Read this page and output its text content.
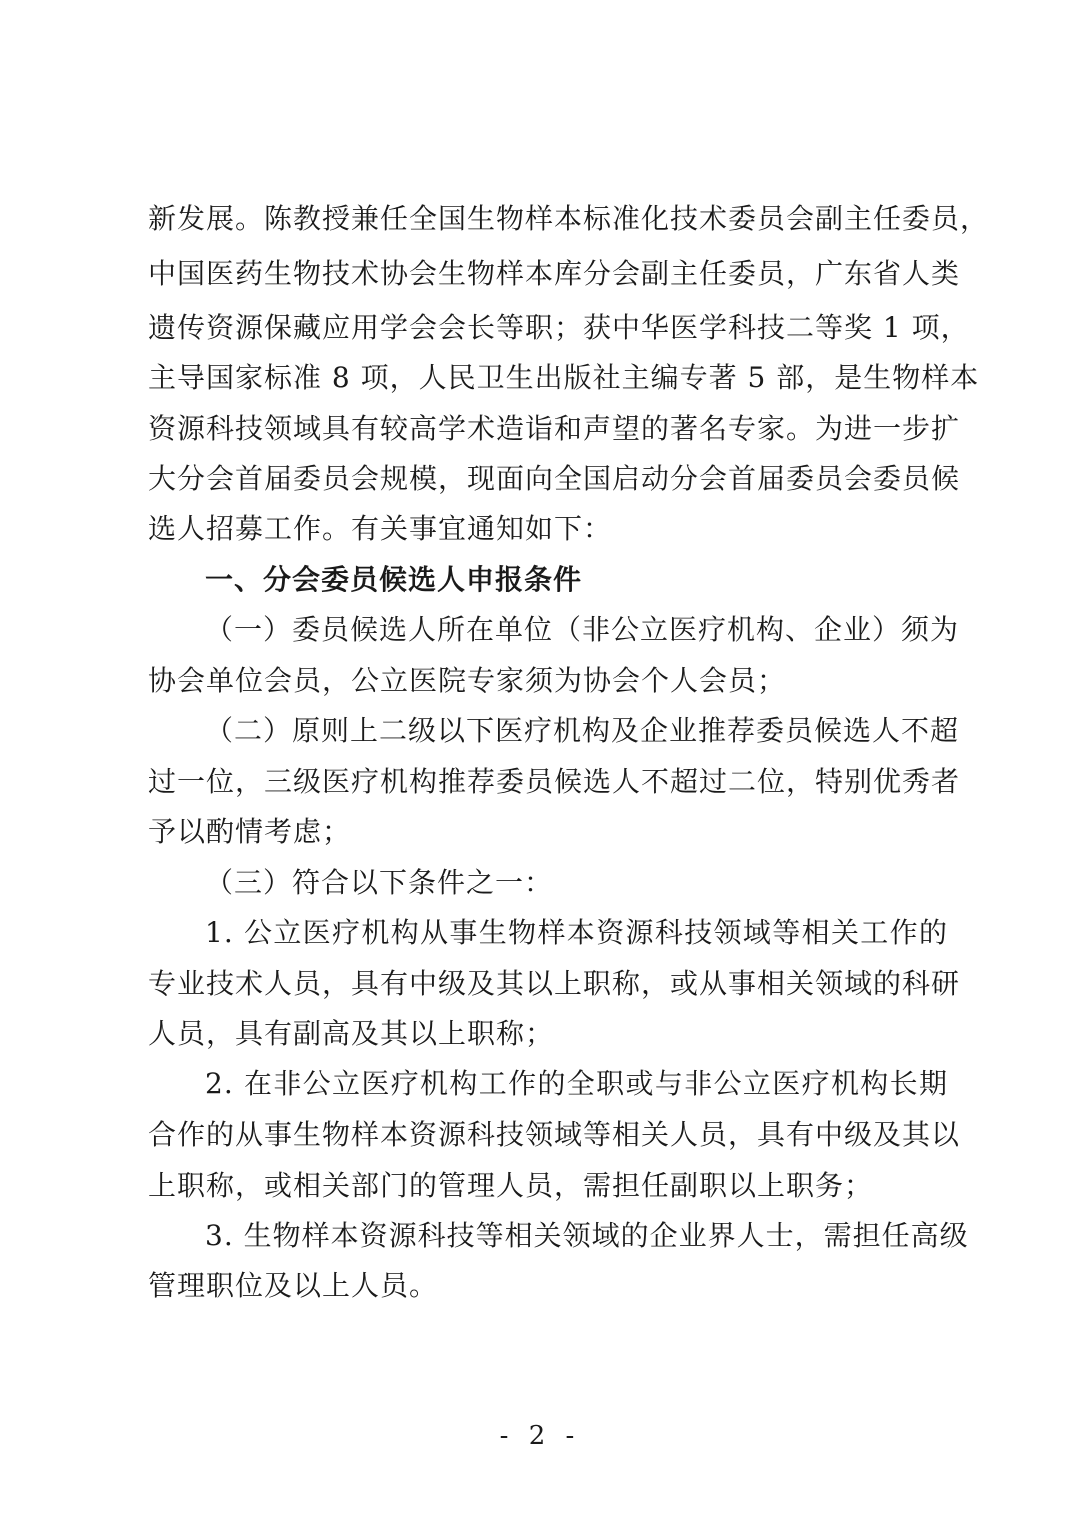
新发展。陈教授兼任全国生物样本标准化技术委员会副主任委员，
中国医药生物技术协会生物样本库分会副主任委员，广东省人类
遗传资源保藏应用学会会长等职；获中华医学科技二等奖 1 项，
主导国家标准 8 项，人民卫生出版社主编专著 5 部，是生物样本
资源科技领域具有较高学术造诣和声望的著名专家。为进一步扩
大分会首届委员会规模，现面向全国启动分会首届委员会委员候
选人招募工作。有关事宜通知如下：
一、分会委员候选人申报条件
（一）委员候选人所在单位（非公立医疗机构、企业）须为
协会单位会员，公立医院专家须为协会个人会员；
（二）原则上二级以下医疗机构及企业推荐委员候选人不超
过一位，三级医疗机构推荐委员候选人不超过二位，特别优秀者
予以酌情考虑；
（三）符合以下条件之一：
1. 公立医疗机构从事生物样本资源科技领域等相关工作的
专业技术人员，具有中级及其以上职称，或从事相关领域的科研
人员，具有副高及其以上职称；
2. 在非公立医疗机构工作的全职或与非公立医疗机构长期
合作的从事生物样本资源科技领域等相关人员，具有中级及其以
上职称，或相关部门的管理人员，需担任副职以上职务；
3. 生物样本资源科技等相关领域的企业界人士，需担任高级
管理职位及以上人员。
- 2 -
